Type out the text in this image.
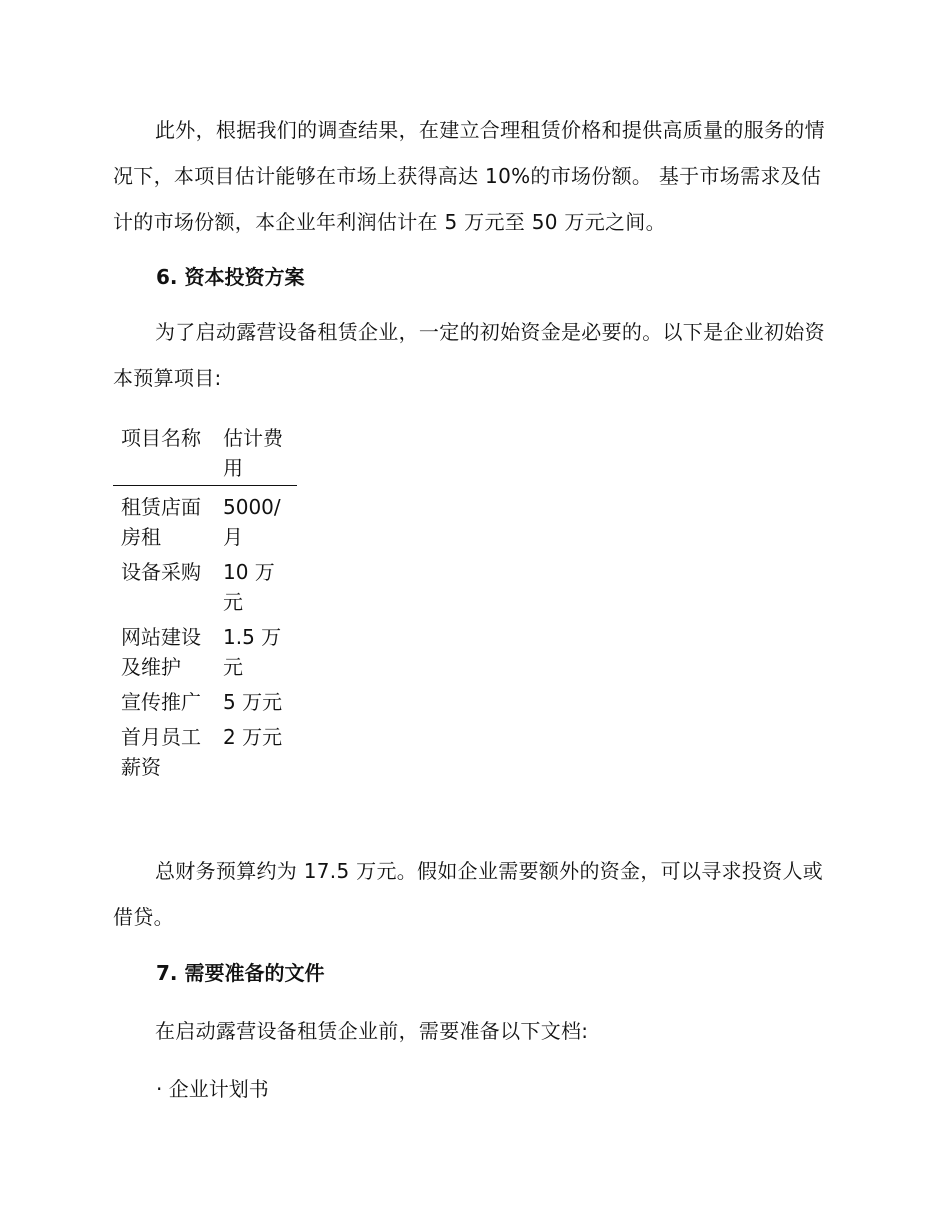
此外，根据我们的调查结果，在建立合理租赁价格和提供高质量的服务的情况下，本项目估计能够在市场上获得高达 10%的市场份额。 基于市场需求及估计的市场份额，本企业年利润估计在 5 万元至 50 万元之间。

6. 资本投资方案

为了启动露营设备租赁企业，一定的初始资金是必要的。以下是企业初始资本预算项目:

项目名称	估计费用
租赁店面房租	5000/月
设备采购	10 万元
网站建设及维护	1.5 万元
宣传推广	5 万元
首月员工薪资	2 万元

总财务预算约为 17.5 万元。假如企业需要额外的资金，可以寻求投资人或借贷。

7. 需要准备的文件

在启动露营设备租赁企业前，需要准备以下文档:

· 企业计划书
